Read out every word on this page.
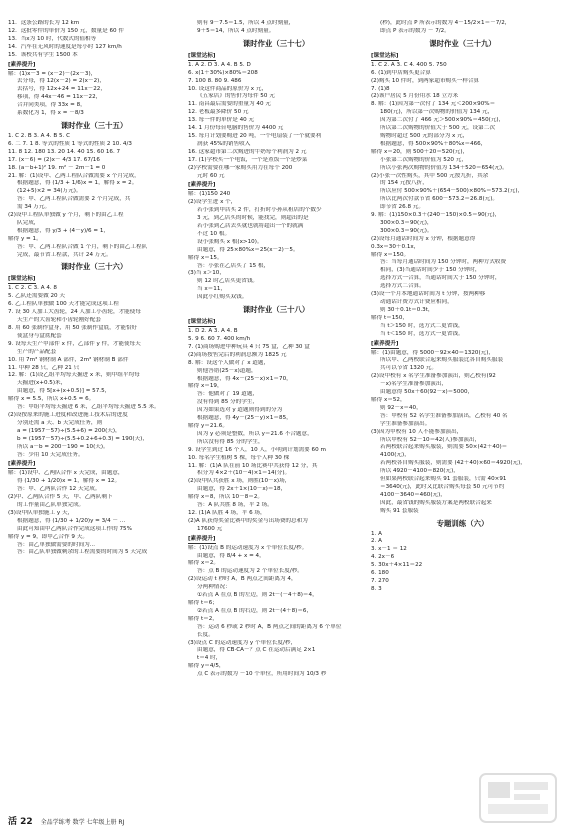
11．这条公路的长为 12 km
12．这批零件的单价为 150 元，数量是 60 件
13．当x为 10 时，代数式的值相等
14．汽车在无风时的速度是每小时 127 km/h
15．该校共有学生 1500 本
[素养提升]
解：(1)x－3 = (x－2)－(2x－3)，
去分母，得 12(x－2) = 2(x－2)，
去括号，得 12x+24 = 11x－22，
移项，得 44x－46 = 11x－22，
合并同类项，得 33x = 8，
系数化为 1，得 x = －8/3
课时作业（三十五）
1. C 2. B 3. A 4. B 5. C
6. 二 7. 1 8. 等式的性质 1 等式的性质 2 10. 4/3
11. 8 12. 180 13. 20 14. 40 15. 60 16. 7
17. (x－6) = (2)x－ 4/3 17. 67/16
18. (a－b+1)² 19. m² － 2m－1 = 0
21. 解：(1)设甲、乙两工程队合做需要 x 个月完成，
根据题意，得 (1/3 + 1/6)x = 1，解得 x = 2。
(12+5)×2 = 34(万元)。
答：甲、乙两工程队合做需要 2 个月完成，共
需 34 万元。
(2)设甲工程队单独做 y 个月，剩下的由乙工程
队完成，
根据题意，得 y/3 + (4－y)/6 = 1，
解得 y = 1。
答：甲、乙两工程队合做 1 个月，剩下的由乙工程队
完成，最节省工程款，共计 24 万元。
课时作业（三十六）
[课堂达标]
1. C 2. C 3. A 4. 8
5. 乙队还需要做 20 天
6. 乙工程队单独做 100 天才能完成这项工程
7. 设 30 人加工大齿轮，24 人加工小齿轮，才能使每
天生产的大齿轮和小齿轮刚好配套
8. 用 60 张制作盒身，用 50 张制作盒底，才能恰好
使盒身与盒底配套
9. 设每天生产甲部件 x 件，乙部件 y 件，才能使每天
生产的产品配套
10. 用 7m³ 钢材制 A 部件，2m³ 钢材制 B 部件
11. 甲种 28 只，乙种 21 只
12. 解：(1)设乙组平均每天掘进 x 米，则甲组平均每
天掘进(x+0.5)米，
由题意，得 5[x+(x+0.5)] = 57.5，
解得 x = 5.5，所以 x+0.5 = 6。
答：甲组平均每天掘进 6 米，乙组平均每天掘进 5.5 米。
(2)设按原来的施工进度和改进施工技术后的进度
分别还需 a 天、b 天完成任务，则
a = (1957－57)÷(5.5+6) = 200(天)，
b = (1957－57)÷(5.5+0.2+6+0.3) = 190(天)，
所以 a－b = 200－190 = 10(天)。
答：少用 10 天完成任务。
[素养提升]
解：(1)设甲、乙两队合作 x 天完成，由题意，
得 (1/30 + 1/20)x = 1，解得 x = 12。
答：甲、乙两队合作 12 天完成。
(2)甲、乙两队合作 5 天，甲、乙两队剩下
的工作量由乙队单独完成。
(3)设甲队单独施工 y 天，
根据题意，得 (1/30 + 1/20)y = 3/4 － ...
由此可知由甲乙两队合作完成这项工作的 75%
解得 y = 9，即甲乙合作 9 天。
答：由乙单独做需要的时间为...
答：由乙队单独做剩余的工程需要的时间为 5 天完成
则有 9－7.5＝1.5，所以 4 点时刻量，
9＋5＝14，所以 4 点时刻量。
课时作业（三十七）
[课堂达标]
1. A 2. D 3. A 4. B 5. D
6. x(1＋30%)×80%＝208
7. 100 8. 80 9. 486
10. 设这件商品的原价为 x 元，
《五家店》的售价为每件 50 元
11. 南昌最后需要的重量为 40 元
12. 老板最多降价 50 元
13. 每一件的单价是 40 元
14. 1 月份每台电脑的售价为 4400 元
15. 每月计划要购进 20 吨，一个电扇装了一个就要利
润获 45%的销售收入
16. 这家超市第二次购进的牛奶每个利润为 2 元
17. (1)学校买一个电饭，一个是煮饭一个是炒菜
(2)学校需要在哪一家购买用力在每个 200
元时 60 元
[素养提升]
解：(1)150 240
(2)设学生进 x 个，
若小张到甲店买 2 件，打折时小孙从租店的个数少
3 元，到乙店买的时候，能找完，则超出的是
若小张到乙店去买就也就将超出一个的就满
不过 10 根。
设小张购买 x 根(x>10)。
由题意，得 25×80%x＝25(x－2)－5。
解得 x＝15。
答：小张在乙店买了 15 根，
(3)当 x＞10，
则 12 时乙店买更省钱。
当 x＝11，
因此小红购买双钱。
课时作业（三十八）
[课堂达标]
1. D 2. A 3. A 4. B
5. 9 6. 60 7. 400 km/h
7. (1)商场购进甲种玩具 4 只 75 盒，乙种 30 盒
(2)商场按售完后的利润总额为 1825 元
8. 解：设这个人做对了 x 道题，
则他答错(25－x)道题，
根据题意，得 4x－(25－x)×1＝70，
解得 x＝19，
答：他做对了 19 道题，
没有得到 85 分的学生，
因为如果选对 y 道题则得到的分为
根据题意，得 4y－(25－y)×1＝85，
解得 y＝21.6。
因为 y 必须是整数，所以 y＝21.6 不合题意，
所以没有得 85 分的学生，
9. 设学生到过 16 个人，10 人，小明到计划需要 60 m
10. 每名学生植树 5 棵，每个人种 30 棵
11. 解：(1)A 队在前 10 场比赛中共获得 12 分，其
积分为 4×2＋(10－4)×1＝14(分)。
(2)设甲队共获胜 x 场，则胜(10－x)场，
由题意，得 2x＋1×(10－x)＝18，
解得 x＝8，所以 10－8＝2。
答：A 队共胜 8 场，平 2 场。
12. (1)A 队胜 4 场，平 6 场，
(2)A 队获得奖金比赛中的奖金与出场费的总和为
17600 元
[素养提升]
解：(1)设点 B 的运动速度为 x 个单位长度/秒。
由题意，得 8/4 + x = 4，
解得 x＝2。
答：点 B 的运动速度为 2 个单位长度/秒。
(2)设运动 t 秒时 A，B 两点之间距离为 4，
分两种情况：
①若点 A 在点 B 的左边，则 2t－(－4＋8)＝4，
解得 t＝6；
②若点 A 在点 B 的右边，则 2t－(4＋8)＝6，
解得 t＝2，
答：运动 6 秒或 2 秒时 A，B 两点之间的距离为 6 个单位
长度。
(3)设点 C 的运动速度为 y 个单位长度/秒，
由题意，得 CB·CA－？点 C 在运动后满足 2×1
t＝4 时，
解得 y＝4/5，
点 C 表示的数为 －10 个单位，所用时间为 10/3 秒
(秒)，此时点 P 所表示的数为 4－15/2×1＝－7/2，
即点 P 表示的数为 － 7/2。
课时作业（三十九）
[课堂达标]
1. C 2. A 3. C 4. 400 5. 750
6. (1)到甲店购买更合算
(2)购买 10 件时，到两家超市购买一样合算
7. (1)8
(2)该户居民 5 月份用水 18 立方米
8. 解：(1)因为第一次付了 134 元＜200×90%＝
180(元)，所以第一次购物的价值为 134 元，
因为第二次付了 466 元＞500×90%＝450(元)，
所以第二次购物的价值大于 500 元，设第二次
购物时超过 500 元的部分为 x 元，
根据题意，得 500×90%＋80%x＝466，
解得 x＝20，则 500＋20＝520(元)，
小张第二次购物的价值为 520 元，
所以小张两次购物的价值为 134＋520＝654(元)。
(2)小张一次性购买，其中 500 元按九折，其余
的 154 元按八折，
所以应付 500×90%＋(654－500)×80%＝573.2(元)，
所以比两次付款节省 600－573.2＝26.8(元)。
即节省 26.8 元。
9. 解：(1)150×0.3＋(240－150)×0.5＝90(元)，
300×0.3＝90(元)，
300×0.3＝90(元)。
(2)设每月通话时间为 x 分钟，根据题意得
0.3x＝30＋0.1x，
解得 x＝150。
答：当每月通话时间为 150 分钟时，两种方式收费
相同，(3)当通话时间少于 150 分钟时，
选择方式一合算，当通话时间大于 150 分钟时，
选择方式二合算。
(3)设一个月本地通话时间为 t 分钟，按两种移
动通话计费方式计费应相同，
则 30＋0.1t＝0.3t，
解得 t＝150，
当 t＞150 时，选方式二更省钱，
当 t＜150 时，选方式一更省钱。
[素养提升]
解：(1)由题意，得 5000－92×40＝1320(元)，
所以甲、乙两校联合起来购买服装比各自购买服装
共可以节省 1320 元。
(2)设甲校有 x 名学生准备参加演出，则乙校有(92
－x)名学生准备参加演出，
由题意得 50x＋60(92－x)＝5000，
解得 x＝52，
则 92－x＝40，
答：甲校有 52 名学生准备参加演出，乙校有 40 名
学生准备参加演出。
(3)因为甲校有 10 人不能参加演出，
所以甲校有 52－10＝42(人)参加演出，
若两校联合起来购买服装，则需要 50×(42＋40)＝
4100(元)，
若两校各自购买服装，则需要 (42＋40)×60＝4920(元)，
所以 4920－4100＝820(元)，
但如果两校联合起来购买 91 套服装，只需 40×91
＝3640(元)，此时又比联合购买每套 50 元可节约
4100－3640＝460(元)，
因此，最省钱的购买服装方案是两校联合起来
购买 91 套服装
专题训练（六）
1. A
2. A
3. x－1 ＝ 12
4. 2x－6
5. 30x＋4×11＝22
6. 180
7. 270
8. 3
活 22 全品学练考 数学 七年级上册 RJ
